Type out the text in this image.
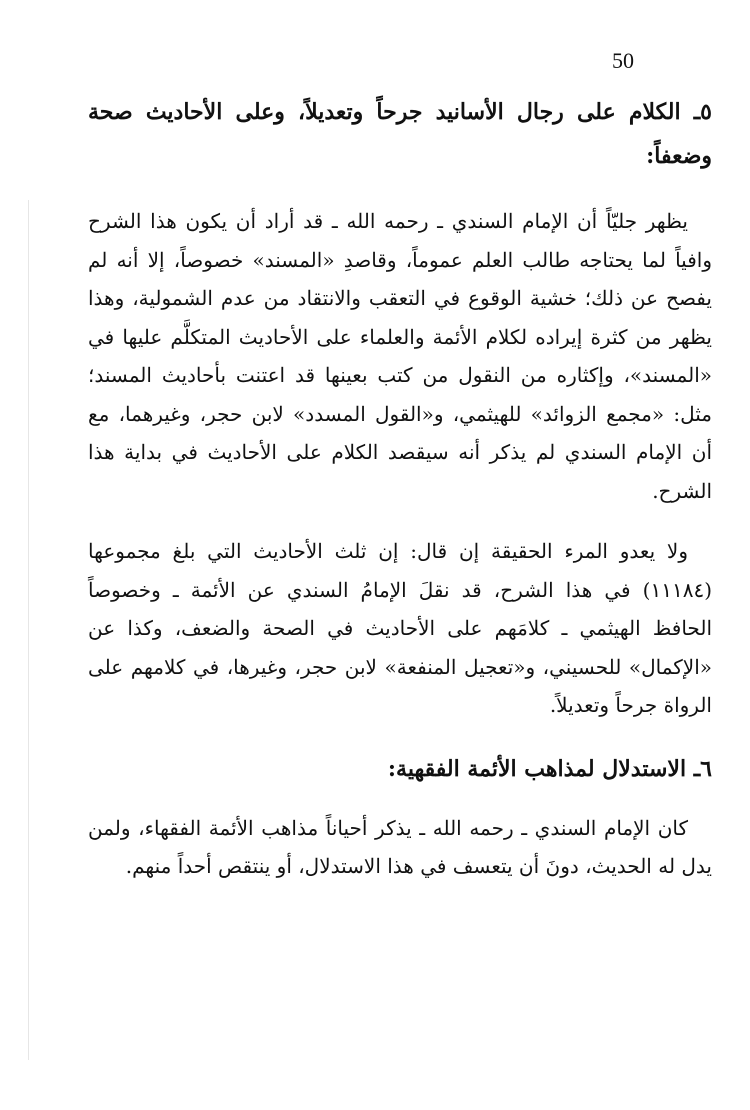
50

٥ـ الكلام على رجال الأسانيد جرحاً وتعديلاً، وعلى الأحاديث صحة وضعفاً:

يظهر جليّاً أن الإمام السندي ـ رحمه الله ـ قد أراد أن يكون هذا الشرح وافياً لما يحتاجه طالب العلم عموماً، وقاصدِ «المسند» خصوصاً، إلا أنه لم يفصح عن ذلك؛ خشية الوقوع في التعقب والانتقاد من عدم الشمولية، وهذا يظهر من كثرة إيراده لكلام الأئمة والعلماء على الأحاديث المتكلَّم عليها في «المسند»، وإكثاره من النقول من كتب بعينها قد اعتنت بأحاديث المسند؛ مثل: «مجمع الزوائد» للهيثمي، و«القول المسدد» لابن حجر، وغيرهما، مع أن الإمام السندي لم يذكر أنه سيقصد الكلام على الأحاديث في بداية هذا الشرح.

ولا يعدو المرء الحقيقة إن قال: إن ثلث الأحاديث التي بلغ مجموعها (١١١٨٤) في هذا الشرح، قد نقلَ الإمامُ السندي عن الأئمة ـ وخصوصاً الحافظ الهيثمي ـ كلامَهم على الأحاديث في الصحة والضعف، وكذا عن «الإكمال» للحسيني، و«تعجيل المنفعة» لابن حجر، وغيرها، في كلامهم على الرواة جرحاً وتعديلاً.

٦ـ الاستدلال لمذاهب الأئمة الفقهية:

كان الإمام السندي ـ رحمه الله ـ يذكر أحياناً مذاهب الأئمة الفقهاء، ولمن يدل له الحديث، دونَ أن يتعسف في هذا الاستدلال، أو ينتقص أحداً منهم.
